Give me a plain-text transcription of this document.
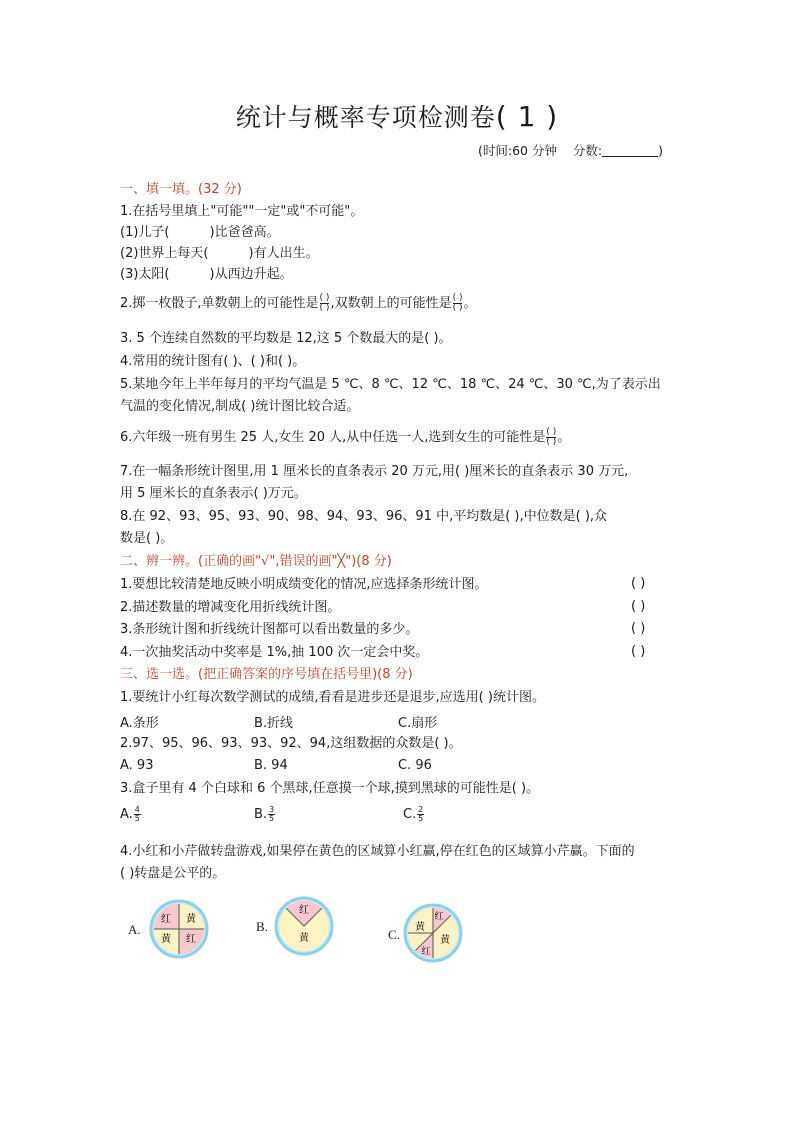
统计与概率专项检测卷( 1 )
(时间:60 分钟 分数:	)
一、填一填。(32 分)
1.在括号里填上"可能""一定"或"不可能"。
(1)儿子(	)比爸爸高。
(2)世界上每天(	)有人出生。
(3)太阳(	)从西边升起。
2.掷一枚骰子,单数朝上的可能性是 $\frac{( )}{( )}$ ,双数朝上的可能性是 $\frac{( )}{( )}$ 。
3. 5 个连续自然数的平均数是 12,这 5 个数最大的是( )。
4.常用的统计图有( )、( )和( )。
5.某地今年上半年每月的平均气温是 5 ℃、8 ℃、12 ℃、18 ℃、24 ℃、30 ℃,为了表示出
气温的变化情况,制成( )统计图比较合适。
6.六年级一班有男生 25 人,女生 20 人,从中任选一人,选到女生的可能性是 $\frac{( )}{( )}$ 。
7.在一幅条形统计图里,用 1 厘米长的直条表示 20 万元,用( )厘米长的直条表示 30 万元,
用 5 厘米长的直条表示( )万元。
8.在 92、93、95、93、90、98、94、93、96、91 中,平均数是( ),中位数是( ),众
数是( )。
二、辨一辨。(正确的画"√",错误的画"╳")(8 分)
1.要想比较清楚地反映小明成绩变化的情况,应选择条形统计图。	( )
2.描述数量的增减变化用折线统计图。	( )
3.条形统计图和折线统计图都可以看出数量的多少。	( )
4.一次抽奖活动中奖率是 1%,抽 100 次一定会中奖。	( )
三、选一选。(把正确答案的序号填在括号里)(8 分)
1.要统计小红每次数学测试的成绩,看看是进步还是退步,应选用( )统计图。
A.条形	B.折线	C.扇形
2.97、95、96、93、93、92、94,这组数据的众数是( )。
A. 93	B. 94	C. 96
3.盒子里有 4 个白球和 6 个黑球,任意摸一个球,摸到黑球的可能性是( )。
A. $\frac{4}{5}$	B. $\frac{3}{5}$	C. $\frac{2}{5}$
4.小红和小芹做转盘游戏,如果停在黄色的区域算小红赢,停在红色的区域算小芹赢。下面的
( )转盘是公平的。
A.
红 黄
黄 红
B.
红
黄	C. 黄
红
红
黄
